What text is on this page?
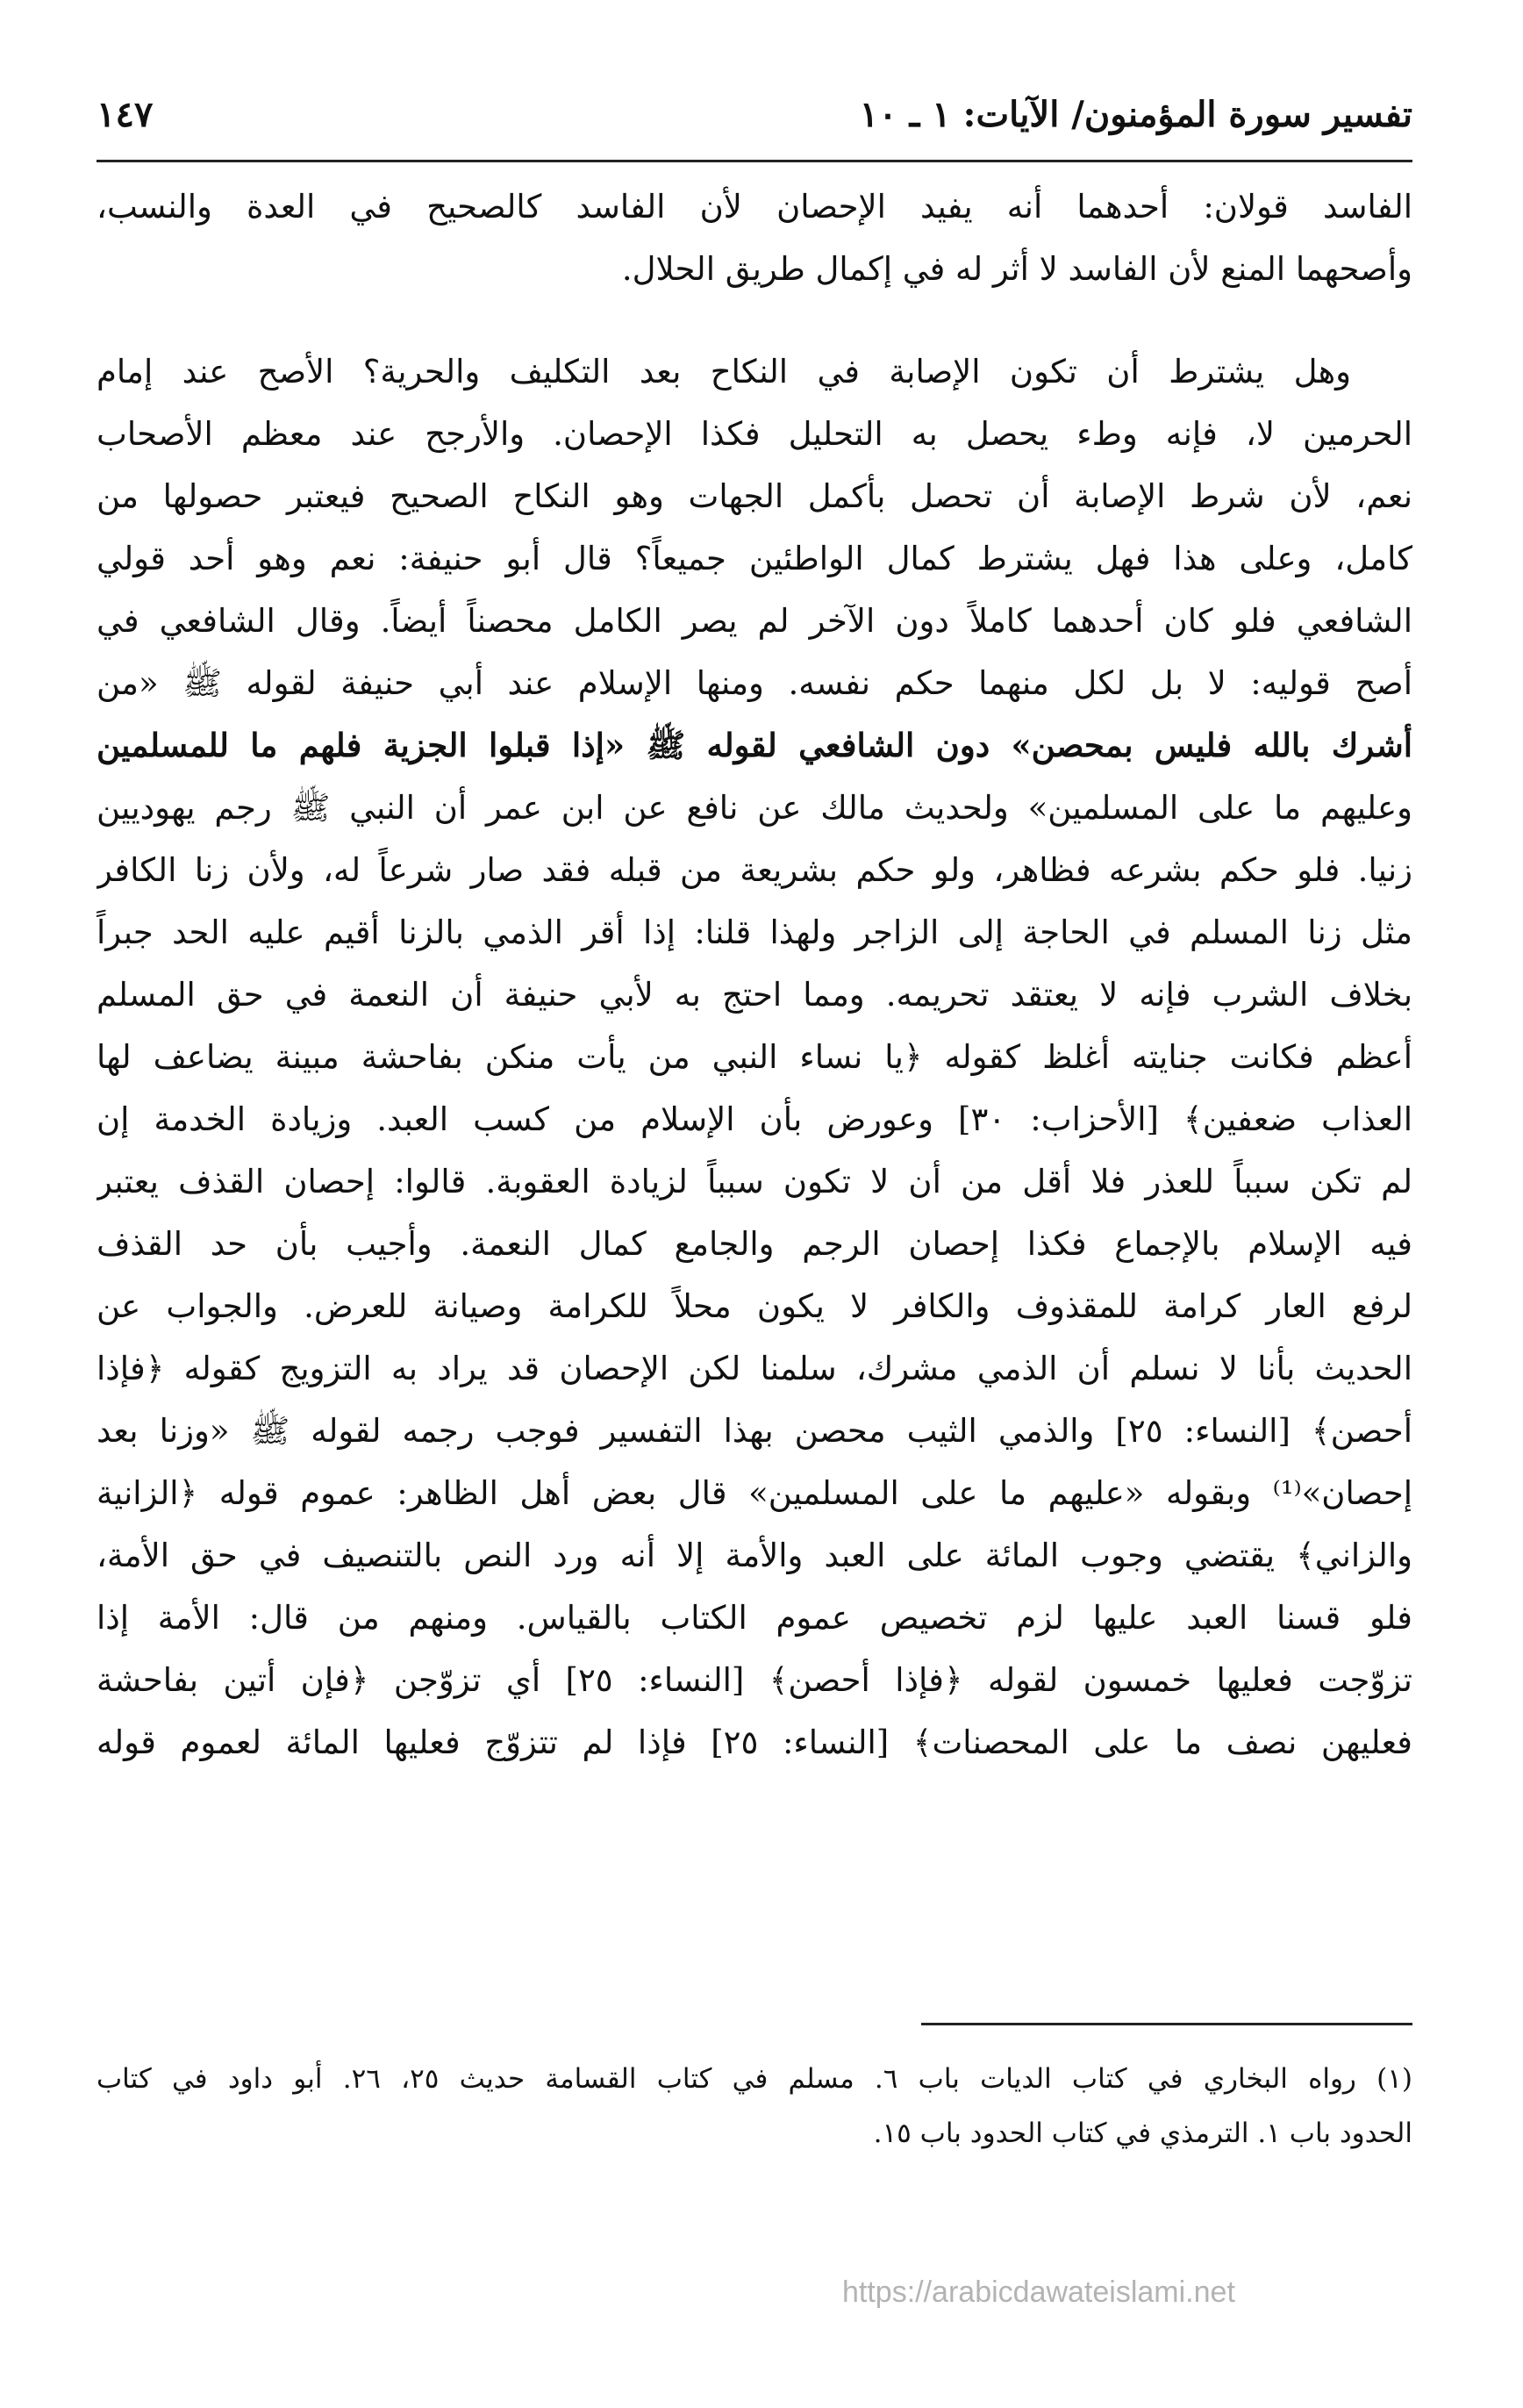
تفسير سورة المؤمنون/ الآيات: ١ ـ ١٠
١٤٧
الفاسد قولان: أحدهما أنه يفيد الإحصان لأن الفاسد كالصحيح في العدة والنسب،
وأصحهما المنع لأن الفاسد لا أثر له في إكمال طريق الحلال.
وهل يشترط أن تكون الإصابة في النكاح بعد التكليف والحرية؟ الأصح عند إمام
الحرمين لا، فإنه وطء يحصل به التحليل فكذا الإحصان. والأرجح عند معظم الأصحاب
نعم، لأن شرط الإصابة أن تحصل بأكمل الجهات وهو النكاح الصحيح فيعتبر حصولها من
كامل، وعلى هذا فهل يشترط كمال الواطئين جميعاً؟ قال أبو حنيفة: نعم وهو أحد قولي
الشافعي فلو كان أحدهما كاملاً دون الآخر لم يصر الكامل محصناً أيضاً. وقال الشافعي في
أصح قوليه: لا بل لكل منهما حكم نفسه. ومنها الإسلام عند أبي حنيفة لقوله ﷺ «من
أشرك بالله فليس بمحصن» دون الشافعي لقوله ﷺ «إذا قبلوا الجزية فلهم ما للمسلمين
وعليهم ما على المسلمين» ولحديث مالك عن نافع عن ابن عمر أن النبي ﷺ رجم يهوديين
زنيا. فلو حكم بشرعه فظاهر، ولو حكم بشريعة من قبله فقد صار شرعاً له، ولأن زنا الكافر
مثل زنا المسلم في الحاجة إلى الزاجر ولهذا قلنا: إذا أقر الذمي بالزنا أقيم عليه الحد جبراً
بخلاف الشرب فإنه لا يعتقد تحريمه. ومما احتج به لأبي حنيفة أن النعمة في حق المسلم
أعظم فكانت جنايته أغلظ كقوله ﴿يا نساء النبي من يأت منكن بفاحشة مبينة يضاعف لها
العذاب ضعفين﴾ [الأحزاب: ٣٠] وعورض بأن الإسلام من كسب العبد. وزيادة الخدمة إن
لم تكن سبباً للعذر فلا أقل من أن لا تكون سبباً لزيادة العقوبة. قالوا: إحصان القذف يعتبر
فيه الإسلام بالإجماع فكذا إحصان الرجم والجامع كمال النعمة. وأجيب بأن حد القذف
لرفع العار كرامة للمقذوف والكافر لا يكون محلاً للكرامة وصيانة للعرض. والجواب عن
الحديث بأنا لا نسلم أن الذمي مشرك، سلمنا لكن الإحصان قد يراد به التزويج كقوله ﴿فإذا
أحصن﴾ [النساء: ٢٥] والذمي الثيب محصن بهذا التفسير فوجب رجمه لقوله ﷺ «وزنا بعد
إحصان»⁽¹⁾ وبقوله «عليهم ما على المسلمين» قال بعض أهل الظاهر: عموم قوله ﴿الزانية
والزاني﴾ يقتضي وجوب المائة على العبد والأمة إلا أنه ورد النص بالتنصيف في حق الأمة،
فلو قسنا العبد عليها لزم تخصيص عموم الكتاب بالقياس. ومنهم من قال: الأمة إذا
تزوّجت فعليها خمسون لقوله ﴿فإذا أحصن﴾ [النساء: ٢٥] أي تزوّجن ﴿فإن أتين بفاحشة
فعليهن نصف ما على المحصنات﴾ [النساء: ٢٥] فإذا لم تتزوّج فعليها المائة لعموم قوله
(١) رواه البخاري في كتاب الديات باب ٦. مسلم في كتاب القسامة حديث ٢٥، ٢٦. أبو داود في كتاب
الحدود باب ١. الترمذي في كتاب الحدود باب ١٥.
https://arabicdawateislami.net
